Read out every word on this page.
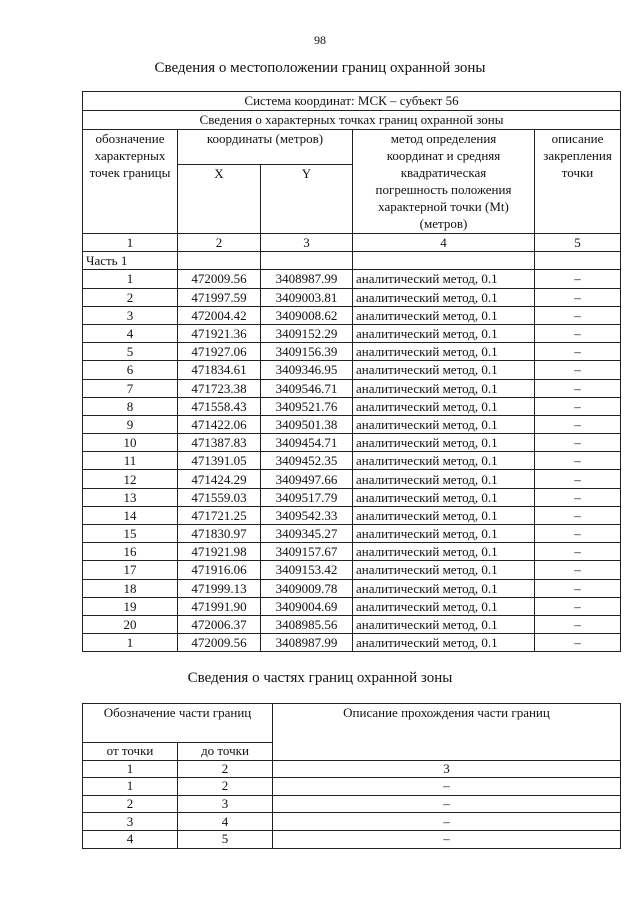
98
Сведения о местоположении границ охранной зоны
Система координат: МСК – субъект 56				
Сведения о характерных точках границ охранной зоны				
обозначение характерных точек границы	координаты (метров)		метод определения координат и средняя квадратическая погрешность положения характерной точки (Mt) (метров)	описание закрепления точки
	X	Y		
1	2	3	4	5
Часть 1				
1	472009.56	3408987.99	аналитический метод, 0.1	–
2	471997.59	3409003.81	аналитический метод, 0.1	–
3	472004.42	3409008.62	аналитический метод, 0.1	–
4	471921.36	3409152.29	аналитический метод, 0.1	–
5	471927.06	3409156.39	аналитический метод, 0.1	–
6	471834.61	3409346.95	аналитический метод, 0.1	–
7	471723.38	3409546.71	аналитический метод, 0.1	–
8	471558.43	3409521.76	аналитический метод, 0.1	–
9	471422.06	3409501.38	аналитический метод, 0.1	–
10	471387.83	3409454.71	аналитический метод, 0.1	–
11	471391.05	3409452.35	аналитический метод, 0.1	–
12	471424.29	3409497.66	аналитический метод, 0.1	–
13	471559.03	3409517.79	аналитический метод, 0.1	–
14	471721.25	3409542.33	аналитический метод, 0.1	–
15	471830.97	3409345.27	аналитический метод, 0.1	–
16	471921.98	3409157.67	аналитический метод, 0.1	–
17	471916.06	3409153.42	аналитический метод, 0.1	–
18	471999.13	3409009.78	аналитический метод, 0.1	–
19	471991.90	3409004.69	аналитический метод, 0.1	–
20	472006.37	3408985.56	аналитический метод, 0.1	–
1	472009.56	3408987.99	аналитический метод, 0.1	–
Сведения о частях границ охранной зоны
Обозначение части границ		Описание прохождения части границ
от точки	до точки	
1	2	3
1	2	–
2	3	–
3	4	–
4	5	–
